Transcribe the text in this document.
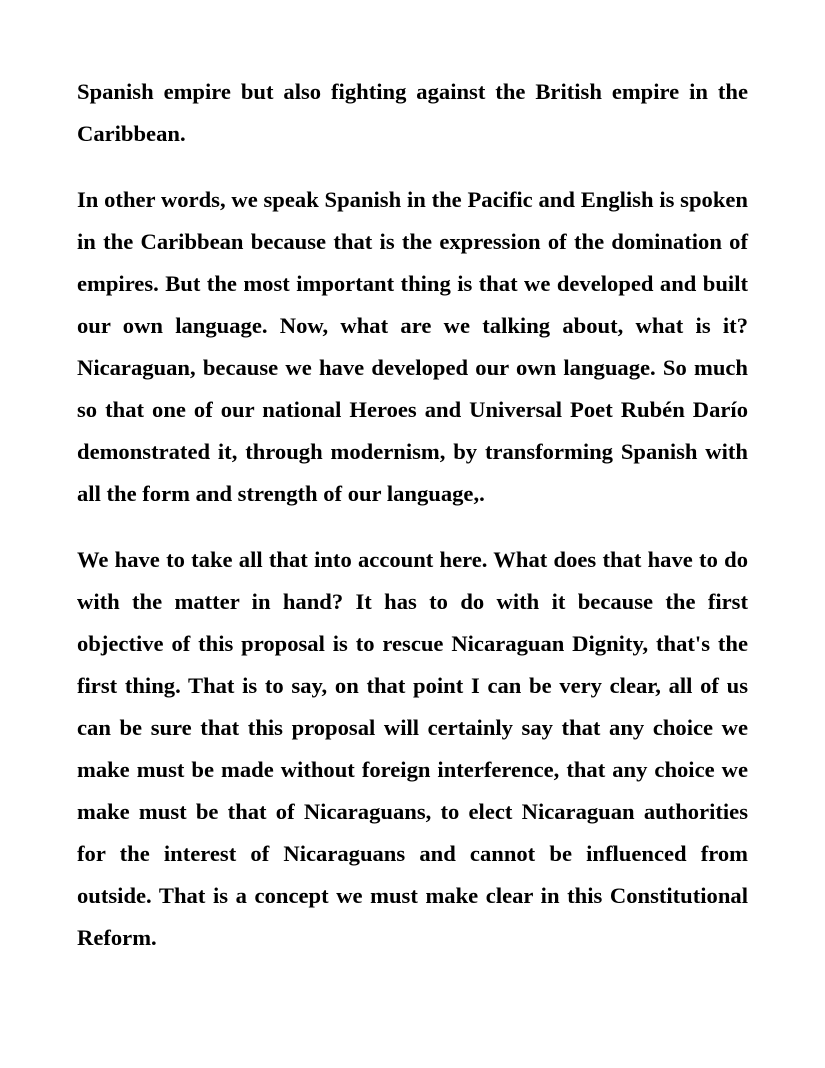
Spanish empire but also fighting against the British empire in the Caribbean.

In other words, we speak Spanish in the Pacific and English is spoken in the Caribbean because that is the expression of the domination of empires. But the most important thing is that we developed and built our own language. Now, what are we talking about, what is it? Nicaraguan, because we have developed our own language. So much so that one of our national Heroes and Universal Poet Rubén Darío demonstrated it, through modernism, by transforming Spanish with all the form and strength of our language,.

We have to take all that into account here. What does that have to do with the matter in hand? It has to do with it because the first objective of this proposal is to rescue Nicaraguan Dignity, that's the first thing. That is to say, on that point I can be very clear, all of us can be sure that this proposal will certainly say that any choice we make must be made without foreign interference, that any choice we make must be that of Nicaraguans, to elect Nicaraguan authorities for the interest of Nicaraguans and cannot be influenced from outside. That is a concept we must make clear in this Constitutional Reform.
